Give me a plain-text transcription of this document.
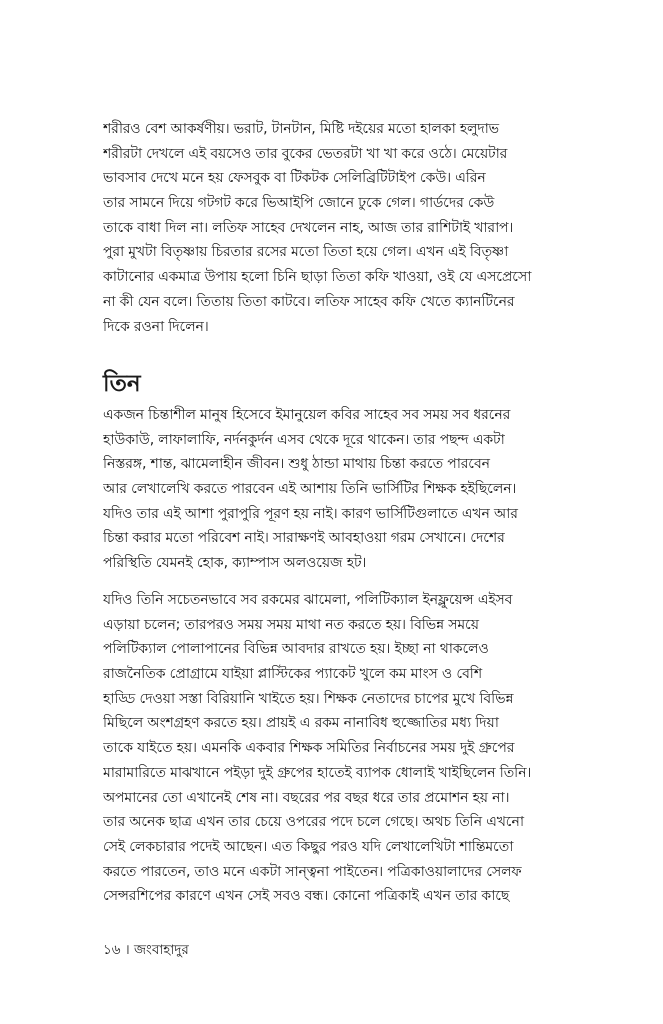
শরীরও বেশ আকর্ষণীয়। ভরাট, টানটান, মিষ্টি দইয়ের মতো হালকা হলুদাভ
শরীরটা দেখলে এই বয়সেও তার বুকের ভেতরটা খা খা করে ওঠে। মেয়েটার
ভাবসাব দেখে মনে হয় ফেসবুক বা টিকটক সেলিব্রিটিটাইপ কেউ। এরিন
তার সামনে দিয়ে গটগট করে ভিআইপি জোনে ঢুকে গেল। গার্ডদের কেউ
তাকে বাধা দিল না। লতিফ সাহেব দেখলেন নাহ, আজ তার রাশিটাই খারাপ।
পুরা মুখটা বিতৃষ্ণায় চিরতার রসের মতো তিতা হয়ে গেল। এখন এই বিতৃষ্ণা
কাটানোর একমাত্র উপায় হলো চিনি ছাড়া তিতা কফি খাওয়া, ওই যে এসপ্রেসো
না কী যেন বলে। তিতায় তিতা কাটবে। লতিফ সাহেব কফি খেতে ক্যানটিনের
দিকে রওনা দিলেন।
তিন
একজন চিন্তাশীল মানুষ হিসেবে ইমানুয়েল কবির সাহেব সব সময় সব ধরনের
হাউকাউ, লাফালাফি, নর্দনকুর্দন এসব থেকে দূরে থাকেন। তার পছন্দ একটা
নিস্তরঙ্গ, শান্ত, ঝামেলাহীন জীবন। শুধু ঠান্ডা মাথায় চিন্তা করতে পারবেন
আর লেখালেখি করতে পারবেন এই আশায় তিনি ভার্সিটির শিক্ষক হইছিলেন।
যদিও তার এই আশা পুরাপুরি পূরণ হয় নাই। কারণ ভার্সিটিগুলাতে এখন আর
চিন্তা করার মতো পরিবেশ নাই। সারাক্ষণই আবহাওয়া গরম সেখানে। দেশের
পরিস্থিতি যেমনই হোক, ক্যাম্পাস অলওয়েজ হট।
যদিও তিনি সচেতনভাবে সব রকমের ঝামেলা, পলিটিক্যাল ইনফ্লুয়েন্স এইসব
এড়ায়া চলেন; তারপরও সময় সময় মাথা নত করতে হয়। বিভিন্ন সময়ে
পলিটিক্যাল পোলাপানের বিভিন্ন আবদার রাখতে হয়। ইচ্ছা না থাকলেও
রাজনৈতিক প্রোগ্রামে যাইয়া প্লাস্টিকের প্যাকেট খুলে কম মাংস ও বেশি
হাড্ডি দেওয়া সস্তা বিরিয়ানি খাইতে হয়। শিক্ষক নেতাদের চাপের মুখে বিভিন্ন
মিছিলে অংশগ্রহণ করতে হয়। প্রায়ই এ রকম নানাবিধ হুজ্জোতির মধ্য দিয়া
তাকে যাইতে হয়। এমনকি একবার শিক্ষক সমিতির নির্বাচনের সময় দুই গ্রুপের
মারামারিতে মাঝখানে পইড়া দুই গ্রুপের হাতেই ব্যাপক ধোলাই খাইছিলেন তিনি।
অপমানের তো এখানেই শেষ না। বছরের পর বছর ধরে তার প্রমোশন হয় না।
তার অনেক ছাত্র এখন তার চেয়ে ওপরের পদে চলে গেছে। অথচ তিনি এখনো
সেই লেকচারার পদেই আছেন। এত কিছুর পরও যদি লেখালেখিটা শান্তিমতো
করতে পারতেন, তাও মনে একটা সান্ত্বনা পাইতেন। পত্রিকাওয়ালাদের সেলফ
সেন্সরশিপের কারণে এখন সেই সবও বন্ধ। কোনো পত্রিকাই এখন তার কাছে
১৬ । জংবাহাদুর
